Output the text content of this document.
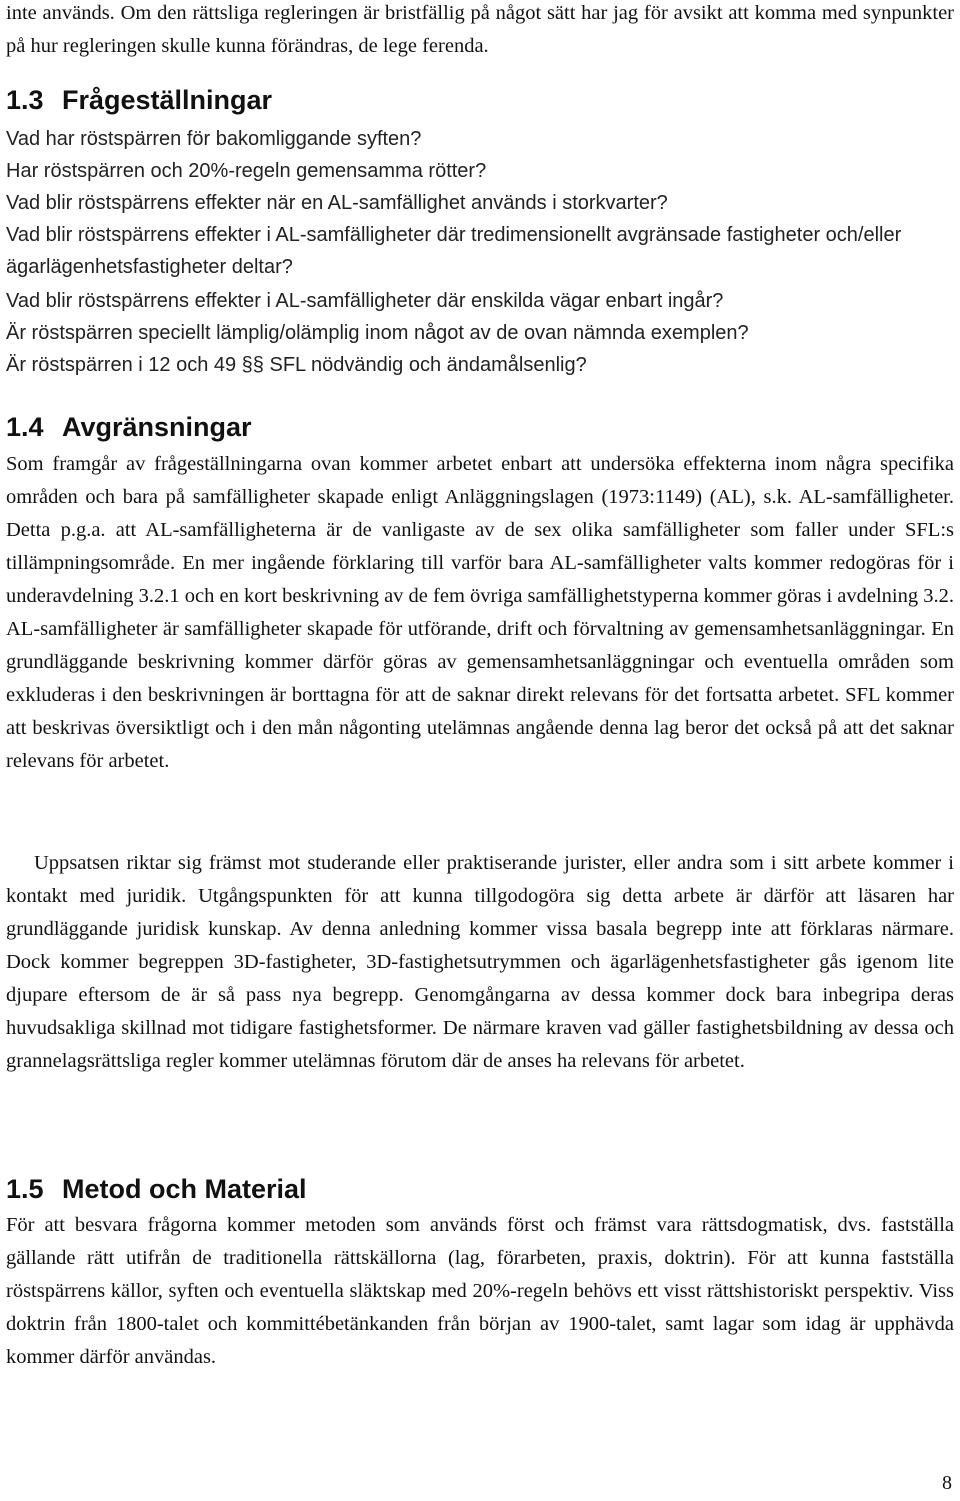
inte används. Om den rättsliga regleringen är bristfällig på något sätt har jag för avsikt att komma med synpunkter på hur regleringen skulle kunna förändras, de lege ferenda.

1.3 Frågeställningar

Vad har röstspärren för bakomliggande syften?

Har röstspärren och 20%-regeln gemensamma rötter?

Vad blir röstspärrens effekter när en AL-samfällighet används i storkvarter?

Vad blir röstspärrens effekter i AL-samfälligheter där tredimensionellt avgränsade fastigheter och/eller ägarlägenhetsfastigheter deltar?

Vad blir röstspärrens effekter i AL-samfälligheter där enskilda vägar enbart ingår?

Är röstspärren speciellt lämplig/olämplig inom något av de ovan nämnda exemplen?

Är röstspärren i 12 och 49 §§ SFL nödvändig och ändamålsenlig?

1.4 Avgränsningar

Som framgår av frågeställningarna ovan kommer arbetet enbart att undersöka effekterna inom några specifika områden och bara på samfälligheter skapade enligt Anläggningslagen (1973:1149) (AL), s.k. AL-samfälligheter. Detta p.g.a. att AL-samfälligheterna är de vanligaste av de sex olika samfälligheter som faller under SFL:s tillämpningsområde. En mer ingående förklaring till varför bara AL-samfälligheter valts kommer redogöras för i underavdelning 3.2.1 och en kort beskrivning av de fem övriga samfällighetstyperna kommer göras i avdelning 3.2. AL-samfälligheter är samfälligheter skapade för utförande, drift och förvaltning av gemensamhetsanläggningar. En grundläggande beskrivning kommer därför göras av gemensamhetsanläggningar och eventuella områden som exkluderas i den beskrivningen är borttagna för att de saknar direkt relevans för det fortsatta arbetet. SFL kommer att beskrivas översiktligt och i den mån någonting utelämnas angående denna lag beror det också på att det saknar relevans för arbetet.

Uppsatsen riktar sig främst mot studerande eller praktiserande jurister, eller andra som i sitt arbete kommer i kontakt med juridik. Utgångspunkten för att kunna tillgodogöra sig detta arbete är därför att läsaren har grundläggande juridisk kunskap. Av denna anledning kommer vissa basala begrepp inte att förklaras närmare. Dock kommer begreppen 3D-fastigheter, 3D-fastighetsutrymmen och ägarlägenhetsfastigheter gås igenom lite djupare eftersom de är så pass nya begrepp. Genomgångarna av dessa kommer dock bara inbegripa deras huvudsakliga skillnad mot tidigare fastighetsformer. De närmare kraven vad gäller fastighetsbildning av dessa och grannelagsrättsliga regler kommer utelämnas förutom där de anses ha relevans för arbetet.

1.5 Metod och Material

För att besvara frågorna kommer metoden som används först och främst vara rättsdogmatisk, dvs. fastställa gällande rätt utifrån de traditionella rättskällorna (lag, förarbeten, praxis, doktrin). För att kunna fastställa röstspärrens källor, syften och eventuella släktskap med 20%-regeln behövs ett visst rättshistoriskt perspektiv. Viss doktrin från 1800-talet och kommittébetänkanden från början av 1900-talet, samt lagar som idag är upphävda kommer därför användas.

8
